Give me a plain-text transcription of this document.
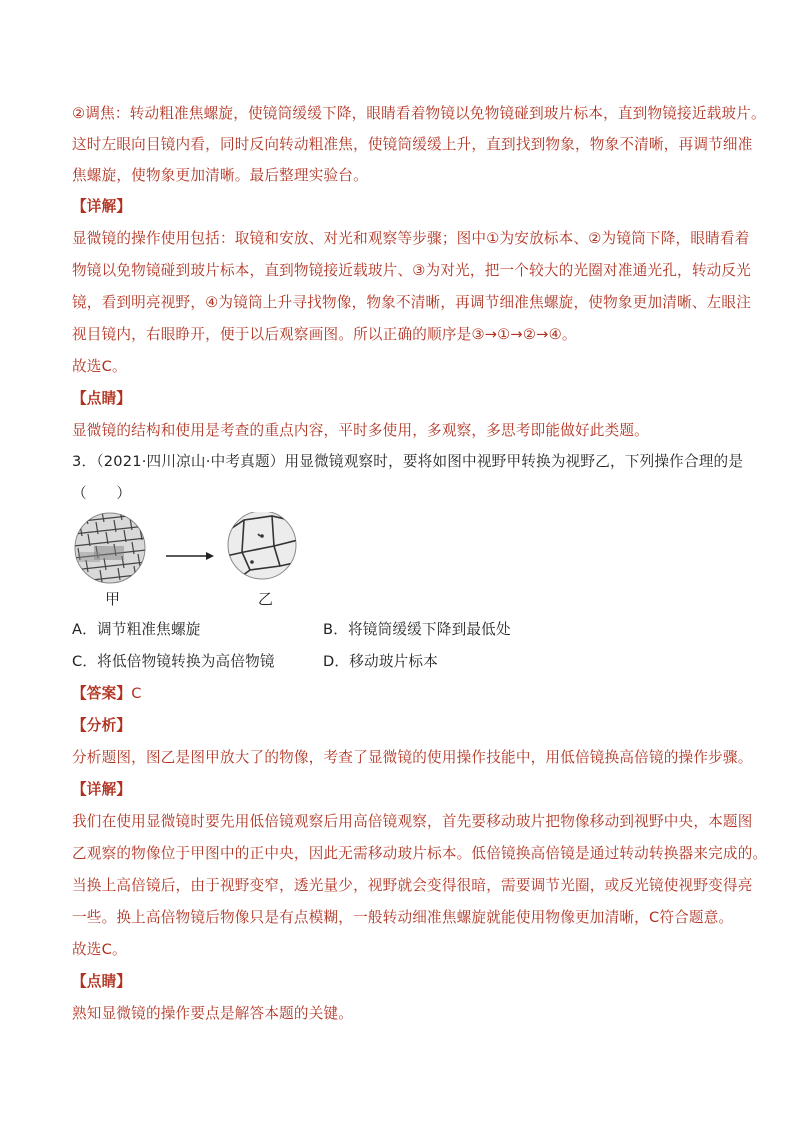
②调焦：转动粗准焦螺旋，使镜筒缓缓下降，眼睛看着物镜以免物镜碰到玻片标本，直到物镜接近载玻片。
这时左眼向目镜内看，同时反向转动粗准焦，使镜筒缓缓上升，直到找到物象，物象不清晰，再调节细准
焦螺旋，使物象更加清晰。最后整理实验台。
【详解】
显微镜的操作使用包括：取镜和安放、对光和观察等步骤；图中①为安放标本、②为镜筒下降，眼睛看着
物镜以免物镜碰到玻片标本，直到物镜接近载玻片、③为对光，把一个较大的光圈对准通光孔，转动反光
镜，看到明亮视野，④为镜筒上升寻找物像，物象不清晰，再调节细准焦螺旋，使物象更加清晰、左眼注
视目镜内，右眼睁开，便于以后观察画图。所以正确的顺序是③→①→②→④。
故选C。
【点睛】
显微镜的结构和使用是考查的重点内容，平时多使用，多观察，多思考即能做好此类题。
3．（2021·四川凉山·中考真题）用显微镜观察时，要将如图中视野甲转换为视野乙，下列操作合理的是
（　　）
甲	乙
A．调节粗准焦螺旋	B．将镜筒缓缓下降到最低处
C．将低倍物镜转换为高倍物镜	D．移动玻片标本
【答案】C
【分析】
分析题图，图乙是图甲放大了的物像，考查了显微镜的使用操作技能中，用低倍镜换高倍镜的操作步骤。
【详解】
我们在使用显微镜时要先用低倍镜观察后用高倍镜观察，首先要移动玻片把物像移动到视野中央，本题图
乙观察的物像位于甲图中的正中央，因此无需移动玻片标本。低倍镜换高倍镜是通过转动转换器来完成的。
当换上高倍镜后，由于视野变窄，透光量少，视野就会变得很暗，需要调节光圈，或反光镜使视野变得亮
一些。换上高倍物镜后物像只是有点模糊，一般转动细准焦螺旋就能使用物像更加清晰，C符合题意。
故选C。
【点睛】
熟知显微镜的操作要点是解答本题的关键。
